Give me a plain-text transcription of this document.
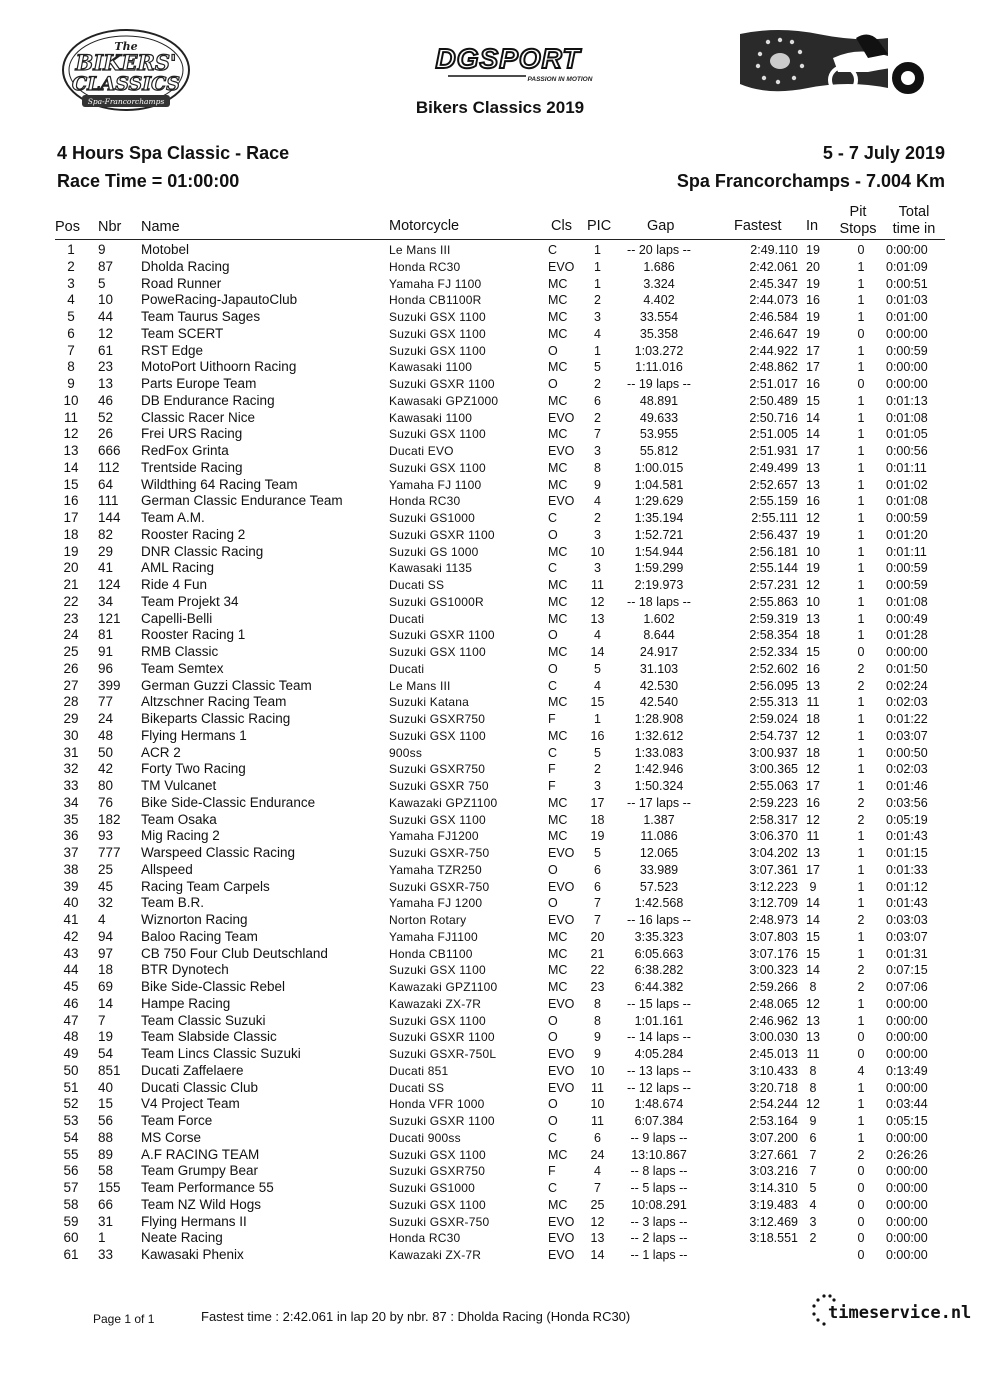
The
BIKERS'
CLASSICS
Spa-Francorchamps
DGSPORT
PASSION IN MOTION
Bikers Classics 2019
4 Hours Spa Classic - Race
Race Time = 01:00:00
5 - 7 July 2019
Spa Francorchamps - 7.004 Km
Pos Nbr Name	Motorcycle	Cls PIC Gap	Fastest In
Pit
Stops
Total
time in
1	9	Motobel	Le Mans III	C	1	-- 20 laps --	2:49.110 19	0	0:00:00
2	87 Dholda Racing	Honda RC30	EVO	1	1.686	2:42.061 20	1	0:01:09
3	5	Road Runner	Yamaha FJ 1100	MC	1	3.324	2:45.347 19	1	0:00:51
4	10 PoweRacing-JapautoClub	Honda CB1100R	MC	2	4.402	2:44.073 16	1	0:01:03
5	44 Team Taurus Sages	Suzuki GSX 1100	MC	3	33.554	2:46.584 19	1	0:01:00
6	12 Team SCERT	Suzuki GSX 1100	MC	4	35.358	2:46.647 19	0	0:00:00
7	61 RST Edge	Suzuki GSX 1100	O	1	1:03.272	2:44.922 17	1	0:00:59
8	23 MotoPort Uithoorn Racing	Kawasaki 1100	MC	5	1:11.016	2:48.862 17	1	0:00:00
9	13 Parts Europe Team	Suzuki GSXR 1100	O	2	-- 19 laps --	2:51.017 16	0	0:00:00
10	46 DB Endurance Racing	Kawasaki GPZ1000	MC	6	48.891	2:50.489 15	1	0:01:13
11	52 Classic Racer Nice	Kawasaki 1100	EVO	2	49.633	2:50.716 14	1	0:01:08
12	26 Frei URS Racing	Suzuki GSX 1100	MC	7	53.955	2:51.005 14	1	0:01:05
13	666 RedFox Grinta	Ducati EVO	EVO	3	55.812	2:51.931 17	1	0:00:56
14	112 Trentside Racing	Suzuki GSX 1100	MC	8	1:00.015	2:49.499 13	1	0:01:11
15	64 Wildthing 64 Racing Team	Yamaha FJ 1100	MC	9	1:04.581	2:52.657 13	1	0:01:02
16	111 German Classic Endurance Team	Honda RC30	EVO	4	1:29.629	2:55.159 16	1	0:01:08
17	144 Team A.M.	Suzuki GS1000	C	2	1:35.194	2:55.111 12	1	0:00:59
18	82 Rooster Racing 2	Suzuki GSXR 1100	O	3	1:52.721	2:56.437 19	1	0:01:20
19	29 DNR Classic Racing	Suzuki GS 1000	MC	10	1:54.944	2:56.181 10	1	0:01:11
20	41 AML Racing	Kawasaki 1135	C	3	1:59.299	2:55.144 19	1	0:00:59
21	124 Ride 4 Fun	Ducati SS	MC	11	2:19.973	2:57.231 12	1	0:00:59
22	34 Team Projekt 34	Suzuki GS1000R	MC	12	-- 18 laps --	2:55.863 10	1	0:01:08
23	121 Capelli-Belli	Ducati	MC	13	1.602	2:59.319 13	1	0:00:49
24	81 Rooster Racing 1	Suzuki GSXR 1100	O	4	8.644	2:58.354 18	1	0:01:28
25	91 RMB Classic	Suzuki GSX 1100	MC	14	24.917	2:52.334 15	0	0:00:00
26	96 Team Semtex	Ducati	O	5	31.103	2:52.602 16	2	0:01:50
27	399 German Guzzi Classic Team	Le Mans III	C	4	42.530	2:56.095 13	2	0:02:24
28	77 Altzschner Racing Team	Suzuki Katana	MC	15	42.540	2:55.313 11	1	0:02:03
29	24 Bikeparts Classic Racing	Suzuki GSXR750	F	1	1:28.908	2:59.024 18	1	0:01:22
30	48 Flying Hermans 1	Suzuki GSX 1100	MC	16	1:32.612	2:54.737 12	1	0:03:07
31	50 ACR 2	900ss	C	5	1:33.083	3:00.937 18	1	0:00:50
32	42 Forty Two Racing	Suzuki GSXR750	F	2	1:42.946	3:00.365 12	1	0:02:03
33	80 TM Vulcanet	Suzuki GSXR 750	F	3	1:50.324	2:55.063 17	1	0:01:46
34	76 Bike Side-Classic Endurance	Kawazaki GPZ1100	MC	17	-- 17 laps --	2:59.223 16	2	0:03:56
35	182 Team Osaka	Suzuki GSX 1100	MC	18	1.387	2:58.317 12	2	0:05:19
36	93 Mig Racing 2	Yamaha FJ1200	MC	19	11.086	3:06.370 11	1	0:01:43
37	777 Warspeed Classic Racing	Suzuki GSXR-750	EVO	5	12.065	3:04.202 13	1	0:01:15
38	25 Allspeed	Yamaha TZR250	O	6	33.989	3:07.361 17	1	0:01:33
39	45 Racing Team Carpels	Suzuki GSXR-750	EVO	6	57.523	3:12.223 9	1	0:01:12
40	32 Team B.R.	Yamaha FJ 1200	O	7	1:42.568	3:12.709 14	1	0:01:43
41	4	Wiznorton Racing	Norton Rotary	EVO	7	-- 16 laps --	2:48.973 14	2	0:03:03
42	94 Baloo Racing Team	Yamaha FJ1100	MC	20	3:35.323	3:07.803 15	1	0:03:07
43	97 CB 750 Four Club Deutschland	Honda CB1100	MC	21	6:05.663	3:07.176 15	1	0:01:31
44	18 BTR Dynotech	Suzuki GSX 1100	MC	22	6:38.282	3:00.323 14	2	0:07:15
45	69 Bike Side-Classic Rebel	Kawazaki GPZ1100	MC	23	6:44.382	2:59.266 8	2	0:07:06
46	14 Hampe Racing	Kawazaki ZX-7R	EVO	8	-- 15 laps --	2:48.065 12	1	0:00:00
47	7	Team Classic Suzuki	Suzuki GSX 1100	O	8	1:01.161	2:46.962 13	1	0:00:00
48	19 Team Slabside Classic	Suzuki GSXR 1100	O	9	-- 14 laps --	3:00.030 13	0	0:00:00
49	54 Team Lincs Classic Suzuki	Suzuki GSXR-750L	EVO	9	4:05.284	2:45.013 11	0	0:00:00
50	851 Ducati Zaffelaere	Ducati 851	EVO	10	-- 13 laps --	3:10.433 8	4	0:13:49
51	40 Ducati Classic Club	Ducati SS	EVO	11	-- 12 laps --	3:20.718 8	1	0:00:00
52	15 V4 Project Team	Honda VFR 1000	O	10	1:48.674	2:54.244 12	1	0:03:44
53	56 Team Force	Suzuki GSXR 1100	O	11	6:07.384	2:53.164 9	1	0:05:15
54	88 MS Corse	Ducati 900ss	C	6	-- 9 laps --	3:07.200 6	1	0:00:00
55	89 A.F RACING TEAM	Suzuki GSX 1100	MC	24	13:10.867	3:27.661 7	2	0:26:26
56	58 Team Grumpy Bear	Suzuki GSXR750	F	4	-- 8 laps --	3:03.216 7	0	0:00:00
57	155 Team Performance 55	Suzuki GS1000	C	7	-- 5 laps --	3:14.310 5	0	0:00:00
58	66 Team NZ Wild Hogs	Suzuki GSX 1100	MC	25	10:08.291	3:19.483 4	0	0:00:00
59	31 Flying Hermans II	Suzuki GSXR-750	EVO	12	-- 3 laps --	3:12.469 3	0	0:00:00
60	1	Neate Racing	Honda RC30	EVO	13	-- 2 laps --	3:18.551 2	0	0:00:00
61	33 Kawasaki Phenix	Kawazaki ZX-7R	EVO	14	-- 1 laps --	0	0:00:00
Page 1 of 1	Fastest time : 2:42.061 in lap 20 by nbr. 87 : Dholda Racing (Honda RC30)	timeservice.nl
